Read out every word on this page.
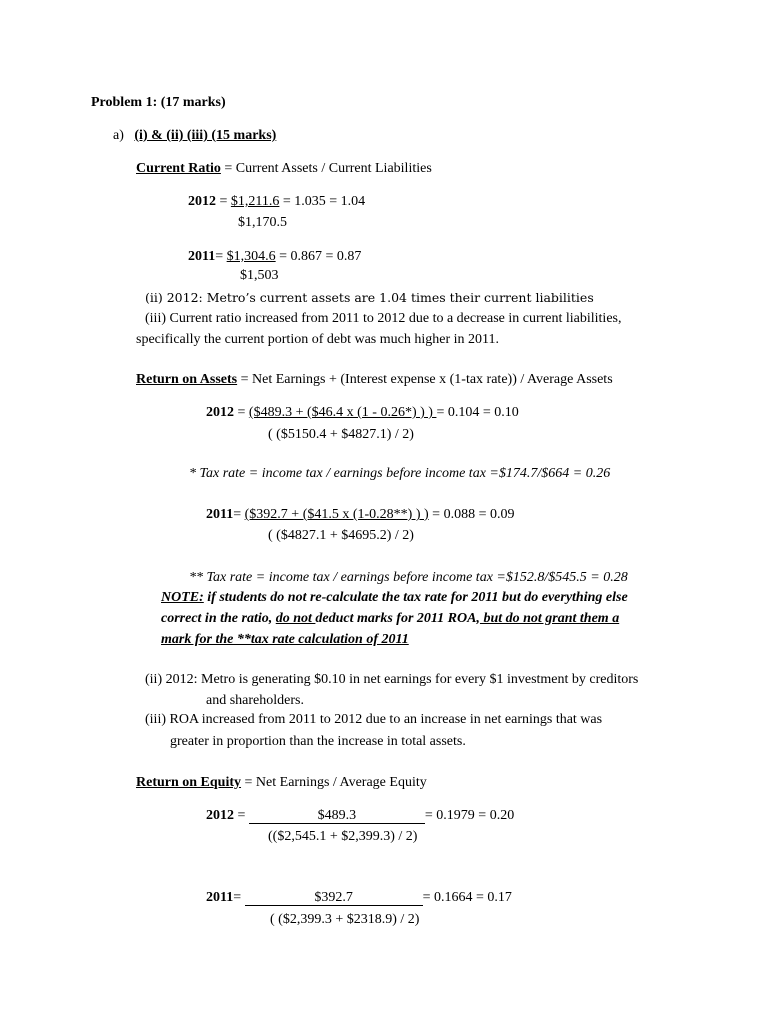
Problem 1: (17 marks)
a) (i) & (ii) (iii) (15 marks)
Current Ratio = Current Assets / Current Liabilities
2012 = $1,211.6 = 1.035 = 1.04
$1,170.5
2011= $1,304.6 = 0.867 = 0.87
$1,503
(ii) 2012: Metro’s current assets are 1.04 times their current liabilities
(iii) Current ratio increased from 2011 to 2012 due to a decrease in current liabilities,
specifically the current portion of debt was much higher in 2011.
Return on Assets = Net Earnings + (Interest expense x (1-tax rate)) / Average Assets
2012 = ($489.3 + ($46.4 x (1 - 0.26*) ) ) = 0.104 = 0.10
( ($5150.4 + $4827.1) / 2)
* Tax rate = income tax / earnings before income tax =$174.7/$664 = 0.26
2011= ($392.7 + ($41.5 x (1-0.28**) ) ) = 0.088 = 0.09
( ($4827.1 + $4695.2) / 2)
** Tax rate = income tax / earnings before income tax =$152.8/$545.5 = 0.28
NOTE: if students do not re-calculate the tax rate for 2011 but do everything else
correct in the ratio, do not deduct marks for 2011 ROA, but do not grant them a
mark for the **tax rate calculation of 2011
(ii) 2012: Metro is generating $0.10 in net earnings for every $1 investment by creditors
and shareholders.
(iii) ROA increased from 2011 to 2012 due to an increase in net earnings that was
greater in proportion than the increase in total assets.
Return on Equity = Net Earnings / Average Equity
2012 =	$489.3	= 0.1979 = 0.20
(($2,545.1 + $2,399.3) / 2)
2011=	$392.7	= 0.1664 = 0.17
( ($2,399.3 + $2318.9) / 2)
